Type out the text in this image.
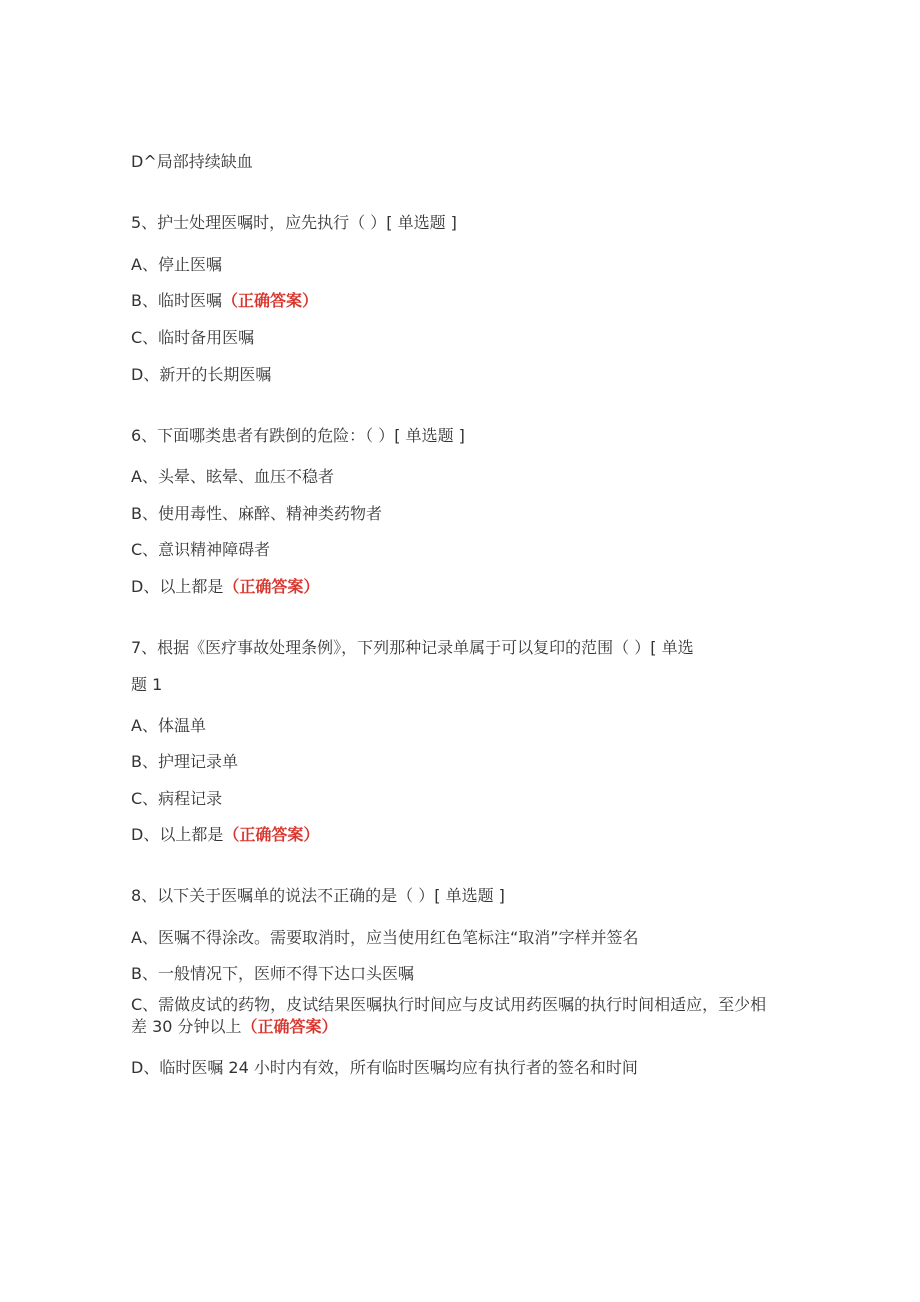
D^局部持续缺血
5、护士处理医嘱时，应先执行（ ）[ 单选题 ]
A、停止医嘱
B、临时医嘱（正确答案）
C、临时备用医嘱
D、新开的长期医嘱
6、下面哪类患者有跌倒的危险：（ ）[ 单选题 ]
A、头晕、眩晕、血压不稳者
B、使用毒性、麻醉、精神类药物者
C、意识精神障碍者
D、以上都是（正确答案）
7、根据《医疗事故处理条例》，下列那种记录单属于可以复印的范围（ ）[ 单选
题 1
A、体温单
B、护理记录单
C、病程记录
D、以上都是（正确答案）
8、以下关于医嘱单的说法不正确的是（ ）[ 单选题 ]
A、医嘱不得涂改。需要取消时，应当使用红色笔标注“取消”字样并签名
B、一般情况下，医师不得下达口头医嘱
C、需做皮试的药物，皮试结果医嘱执行时间应与皮试用药医嘱的执行时间相适应，至少相差 30 分钟以上（正确答案）
D、临时医嘱 24 小时内有效，所有临时医嘱均应有执行者的签名和时间
